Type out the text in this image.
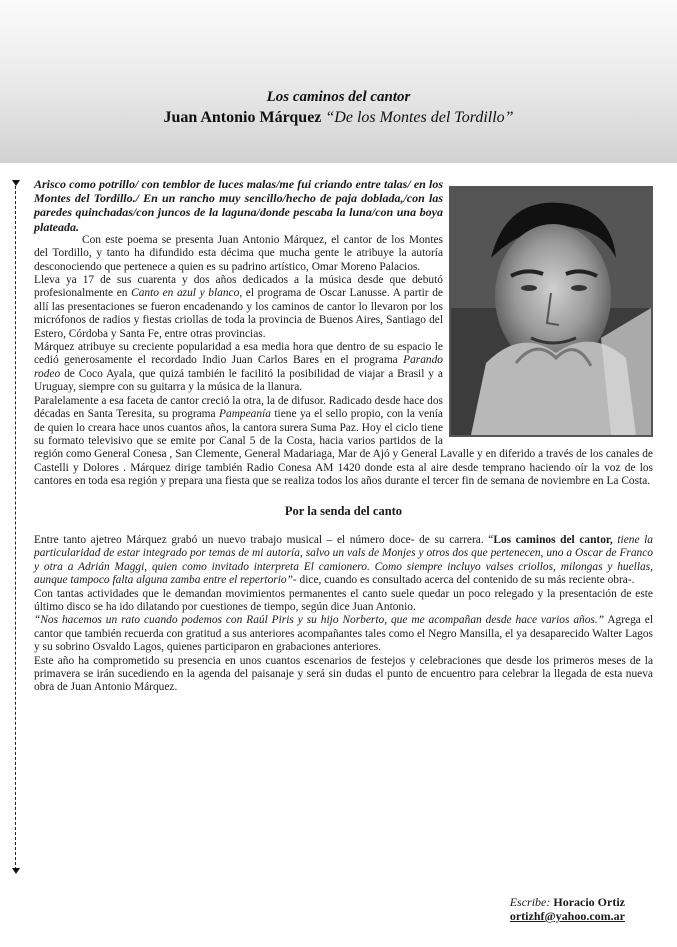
Los caminos del cantor
Juan Antonio Márquez “De los Montes del Tordillo”

Arisco como potrillo/ con temblor de luces malas/me fui criando entre talas/ en los Montes del Tordillo./ En un rancho muy sencillo/hecho de paja doblada,/con las paredes quinchadas/con juncos de la laguna/donde pescaba la luna/con una boya plateada.

Con este poema se presenta Juan Antonio Márquez, el cantor de los Montes del Tordillo, y tanto ha difundido esta décima que mucha gente le atribuye la autoría desconociendo que pertenece a quien es su padrino artístico, Omar Moreno Palacios.

Lleva ya 17 de sus cuarenta y dos años dedicados a la música desde que debutó profesionalmente en Canto en azul y blanco, el programa de Oscar Lanusse. A partir de allí las presentaciones se fueron encadenando y los caminos de cantor lo llevaron por los micrófonos de radios y fiestas criollas de toda la provincia de Buenos Aires, Santiago del Estero, Córdoba y Santa Fe, entre otras provincias.

Márquez atribuye su creciente popularidad a esa media hora que dentro de su espacio le cedió generosamente el recordado Indio Juan Carlos Bares en el programa Parando rodeo de Coco Ayala, que quizá también le facilitó la posibilidad de viajar a Brasil y a Uruguay, siempre con su guitarra y la música de la llanura.

Paralelamente a esa faceta de cantor creció la otra, la de difusor. Radicado desde hace dos décadas en Santa Teresita, su programa Pampeanía tiene ya el sello propio, con la venía de quien lo creara hace unos cuantos años, la cantora surera Suma Paz. Hoy el ciclo tiene su formato televisivo que se emite por Canal 5 de la Costa, hacia varios partidos de la región como General Conesa , San Clemente, General Madariaga, Mar de Ajó y General Lavalle y en diferido a través de los canales de Castelli y Dolores . Márquez dirige también Radio Conesa AM 1420 donde esta al aire desde temprano haciendo oír la voz de los cantores en toda esa región y prepara una fiesta que se realiza todos los años durante el tercer fin de semana de noviembre en La Costa.

Por la senda del canto

Entre tanto ajetreo Márquez grabó un nuevo trabajo musical – el número doce- de su carrera. “Los caminos del cantor, tiene la particularidad de estar integrado por temas de mi autoría, salvo un vals de Monjes y otros dos que pertenecen, uno a Oscar de Franco y otra a Adrián Maggi, quien como invitado interpreta El camionero. Como siempre incluyo valses criollos, milongas y huellas, aunque tampoco falta alguna zamba entre el repertorio”- dice, cuando es consultado acerca del contenido de su más reciente obra-.

Con tantas actividades que le demandan movimientos permanentes el canto suele quedar un poco relegado y la presentación de este último disco se ha ido dilatando por cuestiones de tiempo, según dice Juan Antonio.

“Nos hacemos un rato cuando podemos con Raúl Piris y su hijo Norberto, que me acompañan desde hace varios años.” Agrega el cantor que también recuerda con gratitud a sus anteriores acompañantes tales como el Negro Mansilla, el ya desaparecido Walter Lagos y su sobrino Osvaldo Lagos, quienes participaron en grabaciones anteriores.

Este año ha comprometido su presencia en unos cuantos escenarios de festejos y celebraciones que desde los primeros meses de la primavera se irán sucediendo en la agenda del paisanaje y será sin dudas el punto de encuentro para celebrar la llegada de esta nueva obra de Juan Antonio Márquez.

Escribe: Horacio Ortiz
ortizhf@yahoo.com.ar
